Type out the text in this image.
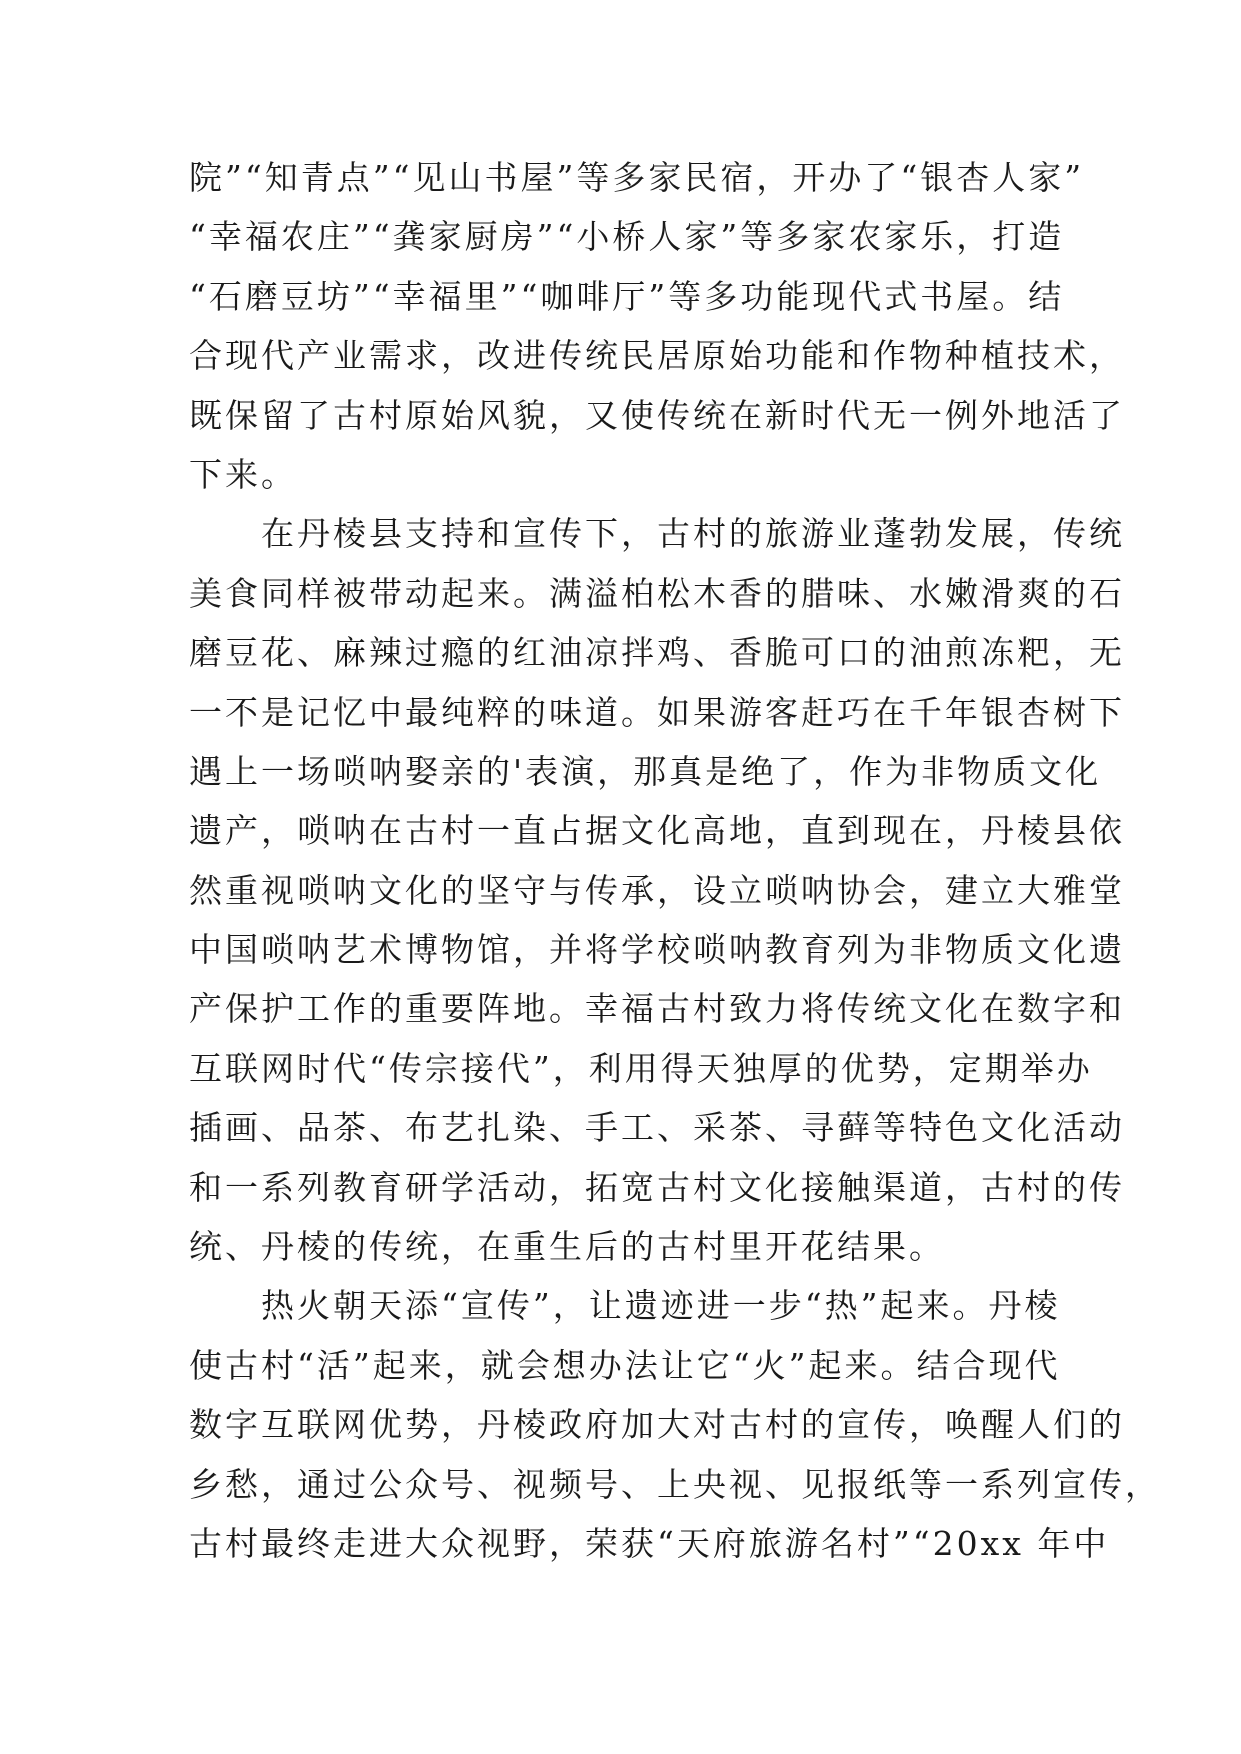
院”“知青点”“见山书屋”等多家民宿，开办了“银杏人家”
“幸福农庄”“龚家厨房”“小桥人家”等多家农家乐，打造
“石磨豆坊”“幸福里”“咖啡厅”等多功能现代式书屋。结
合现代产业需求，改进传统民居原始功能和作物种植技术，
既保留了古村原始风貌，又使传统在新时代无一例外地活了
下来。
　　在丹棱县支持和宣传下，古村的旅游业蓬勃发展，传统
美食同样被带动起来。满溢柏松木香的腊味、水嫩滑爽的石
磨豆花、麻辣过瘾的红油凉拌鸡、香脆可口的油煎冻粑，无
一不是记忆中最纯粹的味道。如果游客赶巧在千年银杏树下
遇上一场唢呐娶亲的'表演，那真是绝了，作为非物质文化
遗产，唢呐在古村一直占据文化高地，直到现在，丹棱县依
然重视唢呐文化的坚守与传承，设立唢呐协会，建立大雅堂
中国唢呐艺术博物馆，并将学校唢呐教育列为非物质文化遗
产保护工作的重要阵地。幸福古村致力将传统文化在数字和
互联网时代“传宗接代”，利用得天独厚的优势，定期举办
插画、品茶、布艺扎染、手工、采茶、寻藓等特色文化活动
和一系列教育研学活动，拓宽古村文化接触渠道，古村的传
统、丹棱的传统，在重生后的古村里开花结果。
　　热火朝天添“宣传”，让遗迹进一步“热”起来。丹棱
使古村“活”起来，就会想办法让它“火”起来。结合现代
数字互联网优势，丹棱政府加大对古村的宣传，唤醒人们的
乡愁，通过公众号、视频号、上央视、见报纸等一系列宣传，
古村最终走进大众视野，荣获“天府旅游名村”“20xx 年中
